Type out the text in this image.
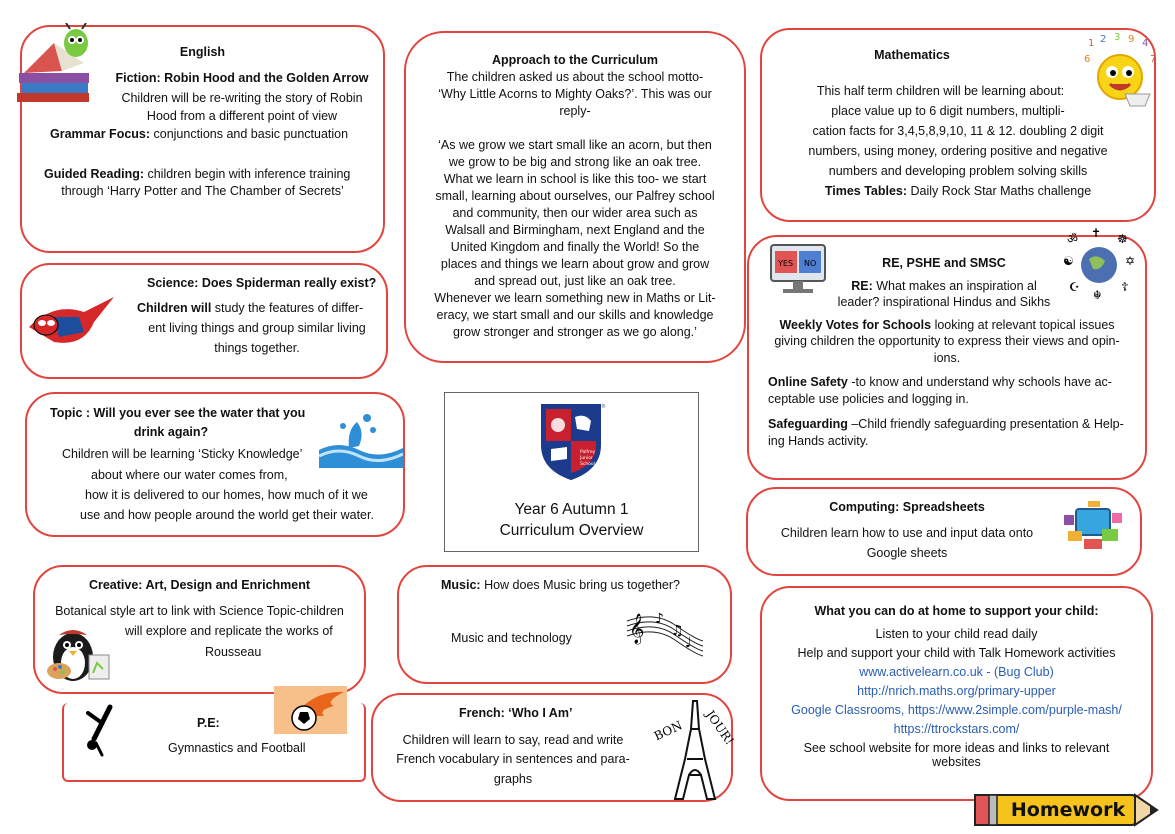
English
Fiction: Robin Hood and the Golden Arrow
Children will be re-writing the story of Robin
Hood from a different point of view
Grammar Focus: conjunctions and basic punctuation
Guided Reading: children begin with inference training
through ‘Harry Potter and The Chamber of Secrets’
Approach to the Curriculum
The children asked us about the school motto-
‘Why Little Acorns to Mighty Oaks?’. This was our
reply-
‘As we grow we start small like an acorn, but then
we grow to be big and strong like an oak tree.
What we learn in school is like this too- we start
small, learning about ourselves, our Palfrey school
and community, then our wider area such as
Walsall and Birmingham, next England and the
United Kingdom and finally the World! So the
places and things we learn about grow and grow
and spread out, just like an oak tree.
Whenever we learn something new in Maths or Lit-
eracy, we start small and our skills and knowledge
grow stronger and stronger as we go along.’
1 2 3 9 4
6	7
Mathematics
This half term children will be learning about:
place value up to 6 digit numbers, multipli-
cation facts for 3,4,5,8,9,10, 11 & 12. doubling 2 digit
numbers, using money, ordering positive and negative
numbers and developing problem solving skills
Times Tables: Daily Rock Star Maths challenge
Science: Does Spiderman really exist?
Children will study the features of differ-
ent living things and group similar living
things together.
YES NO	☯	✡
✝
ॐ	☸
☪
☬
☦
RE, PSHE and SMSC
RE: What makes an inspiration al
leader? inspirational Hindus and Sikhs
Weekly Votes for Schools looking at relevant topical issues
giving children the opportunity to express their views and opin-
ions.
Online Safety -to know and understand why schools have ac-
ceptable use policies and logging in.
Safeguarding –Child friendly safeguarding presentation & Help-
ing Hands activity.
Topic : Will you ever see the water that you
drink again?
Children will be learning ‘Sticky Knowledge’
about where our water comes from,
how it is delivered to our homes, how much of it we
use and how people around the world get their water.
Palfrey
Junior
School
®
Year 6 Autumn 1
Curriculum Overview
Computing: Spreadsheets
Children learn how to use and input data onto
Google sheets
Creative: Art, Design and Enrichment
Botanical style art to link with Science Topic-children
will explore and replicate the works of
Rousseau
𝄞 ♪
♫
♩
Music: How does Music bring us together?
Music and technology
What you can do at home to support your child:
Listen to your child read daily
Help and support your child with Talk Homework activities
www.activelearn.co.uk - (Bug Club)
http://nrich.maths.org/primary-upper
Google Classrooms, https://www.2simple.com/purple-mash/
https://ttrockstars.com/
See school website for more ideas and links to relevant
websites
P.E:
Gymnastics and Football
BON JOUR!
French: ‘Who I Am’
Children will learn to say, read and write
French vocabulary in sentences and para-
graphs
Homework
